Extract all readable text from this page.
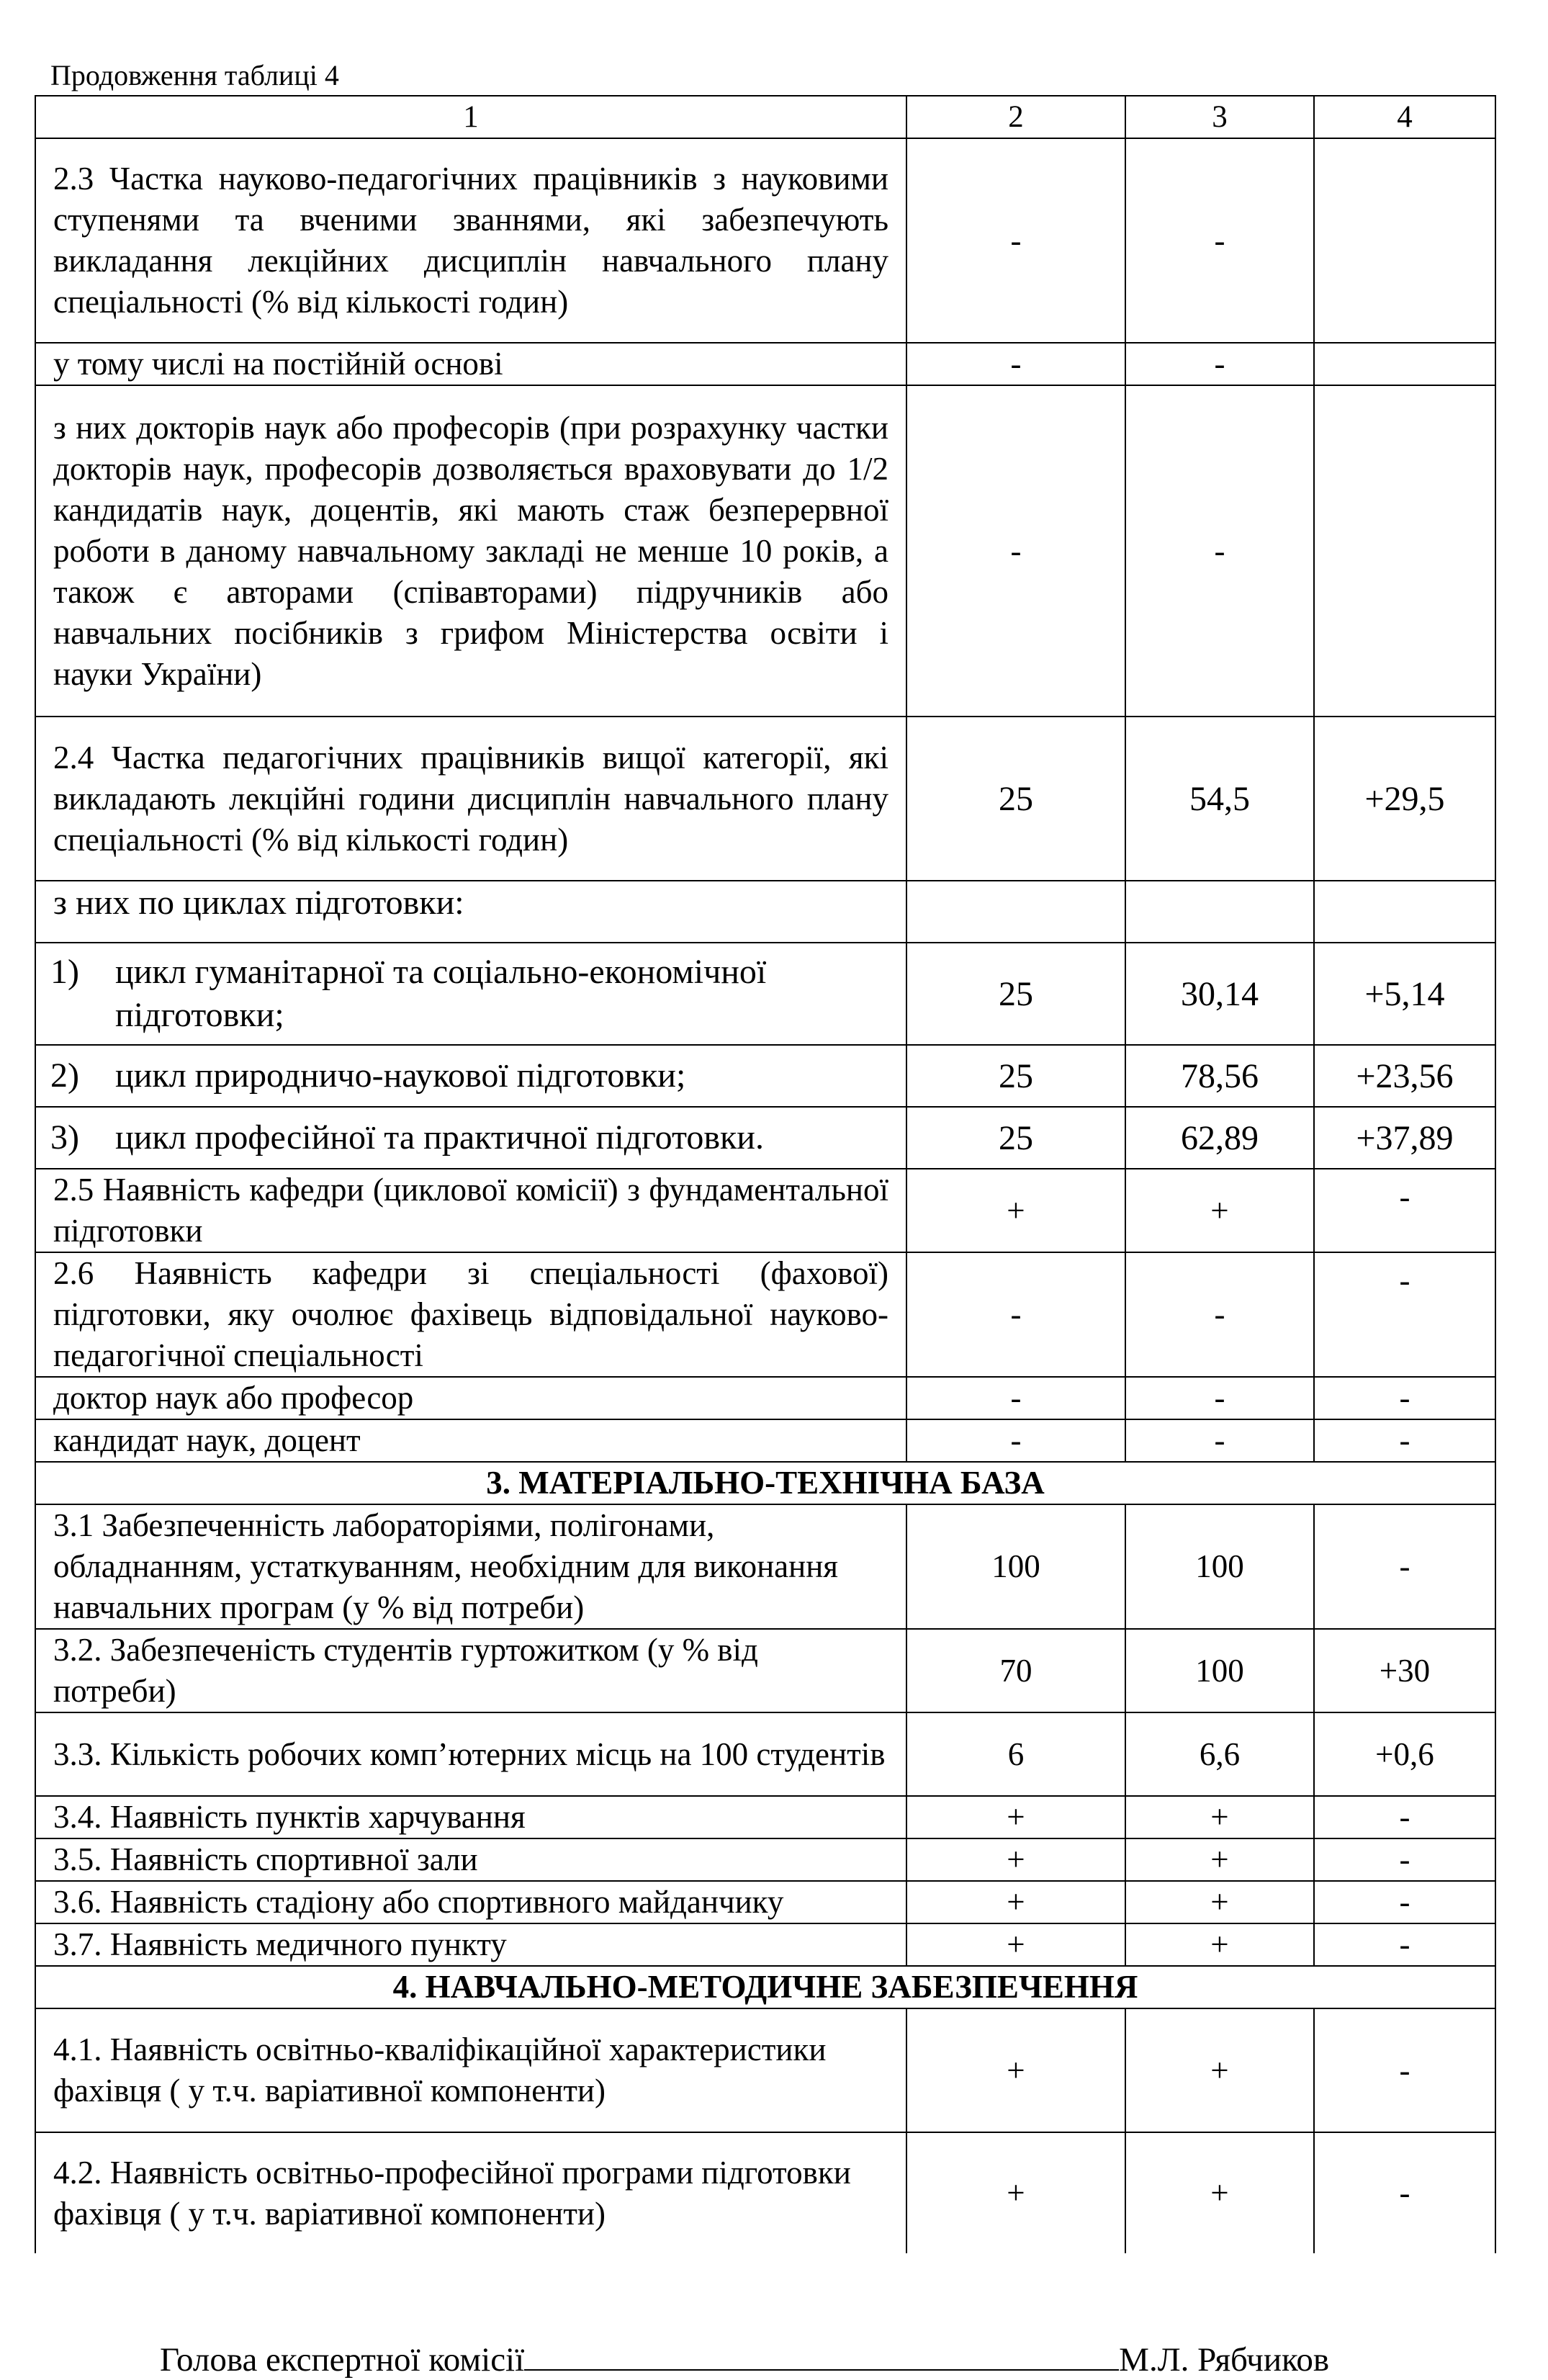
Продовження таблиці 4
1	2	3	4
2.3 Частка науково-педагогічних працівників з науковими ступенями та вченими званнями, які забезпечують викладання лекційних дисциплін навчального плану спеціальності (% від кількості годин)	-	-	
у тому числі на постійній основі	-	-	
з них докторів наук або професорів (при розрахунку частки докторів наук, професорів дозволяється враховувати до 1/2 кандидатів наук, доцентів, які мають стаж безперервної роботи в даному навчальному закладі не менше 10 років, а також є авторами (співавторами) підручників або навчальних посібників з грифом Міністерства освіти і науки України)	-	-	
2.4 Частка педагогічних працівників вищої категорії, які викладають лекційні години дисциплін навчального плану спеціальності (% від кількості годин)	25	54,5	+29,5
з них по циклах підготовки:			
1) цикл гуманітарної та соціально-економічної підготовки;	25	30,14	+5,14
2) цикл природничо-наукової підготовки;	25	78,56	+23,56
3) цикл професійної та практичної підготовки.	25	62,89	+37,89
2.5 Наявність кафедри (циклової комісії) з фундаментальної підготовки	+	+	-
2.6 Наявність кафедри зі спеціальності (фахової) підготовки, яку очолює фахівець відповідальної науково-педагогічної спеціальності	-	-	-
доктор наук або професор	-	-	-
кандидат наук, доцент	-	-	-
3. МАТЕРІАЛЬНО-ТЕХНІЧНА БАЗА			
3.1 Забезпеченність лабораторіями, полігонами, обладнанням, устаткуванням, необхідним для виконання навчальних програм (у % від потреби)	100	100	-
3.2. Забезпеченість студентів гуртожитком (у % від потреби)	70	100	+30
3.3. Кількість робочих комп’ютерних місць на 100 студентів	6	6,6	+0,6
3.4. Наявність пунктів харчування	+	+	-
3.5. Наявність спортивної зали	+	+	-
3.6. Наявність стадіону або спортивного майданчику	+	+	-
3.7. Наявність медичного пункту	+	+	-
4. НАВЧАЛЬНО-МЕТОДИЧНЕ ЗАБЕЗПЕЧЕННЯ			
4.1. Наявність освітньо-кваліфікаційної характеристики фахівця ( у т.ч. варіативної компоненти)	+	+	-
4.2. Наявність освітньо-професійної програми підготовки фахівця ( у т.ч. варіативної компоненти)	+	+	-
Голова експертної комісії	М.Л. Рябчиков
